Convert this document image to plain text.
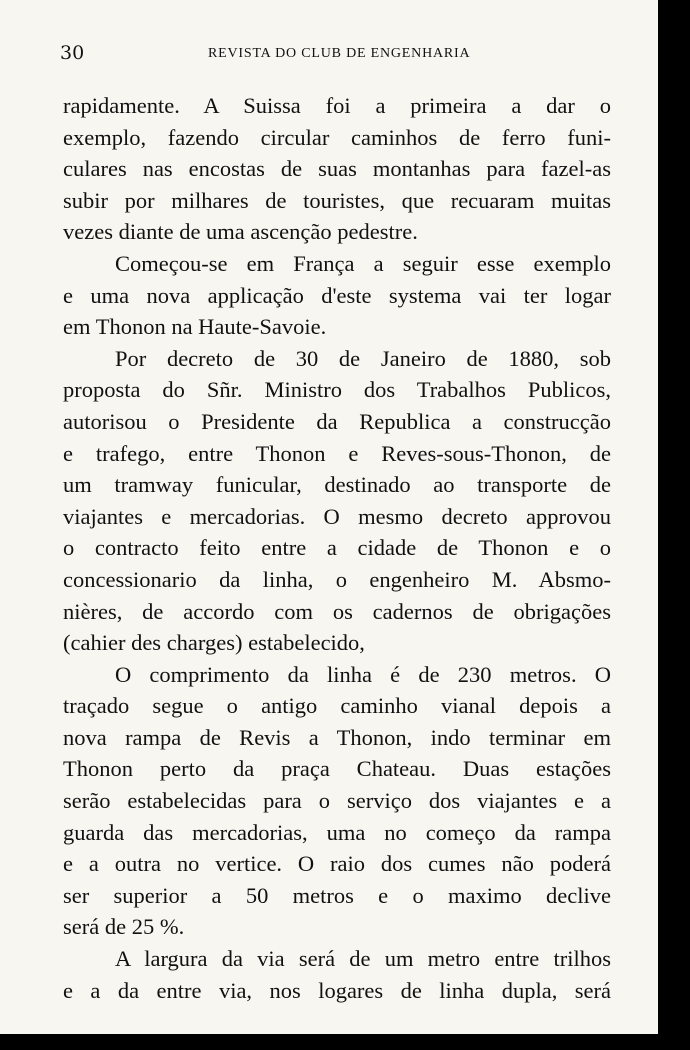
30	REVISTA DO CLUB DE ENGENHARIA
rapidamente. A Suissa foi a primeira a dar o
exemplo, fazendo circular caminhos de ferro funi-
culares nas encostas de suas montanhas para fazel-as
subir por milhares de touristes, que recuaram muitas
vezes diante de uma ascenção pedestre.
Começou-se em França a seguir esse exemplo
e uma nova applicação d'este systema vai ter logar
em Thonon na Haute-Savoie.
Por decreto de 30 de Janeiro de 1880, sob
proposta do Sñr. Ministro dos Trabalhos Publicos,
autorisou o Presidente da Republica a construcção
e trafego, entre Thonon e Reves-sous-Thonon, de
um tramway funicular, destinado ao transporte de
viajantes e mercadorias. O mesmo decreto approvou
o contracto feito entre a cidade de Thonon e o
concessionario da linha, o engenheiro M. Absmo-
nières, de accordo com os cadernos de obrigações
(cahier des charges) estabelecido,
O comprimento da linha é de 230 metros. O
traçado segue o antigo caminho vianal depois a
nova rampa de Revis a Thonon, indo terminar em
Thonon perto da praça Chateau. Duas estações
serão estabelecidas para o serviço dos viajantes e a
guarda das mercadorias, uma no começo da rampa
e a outra no vertice. O raio dos cumes não poderá
ser superior a 50 metros e o maximo declive
será de 25 %.
A largura da via será de um metro entre trilhos
e a da entre via, nos logares de linha dupla, será
